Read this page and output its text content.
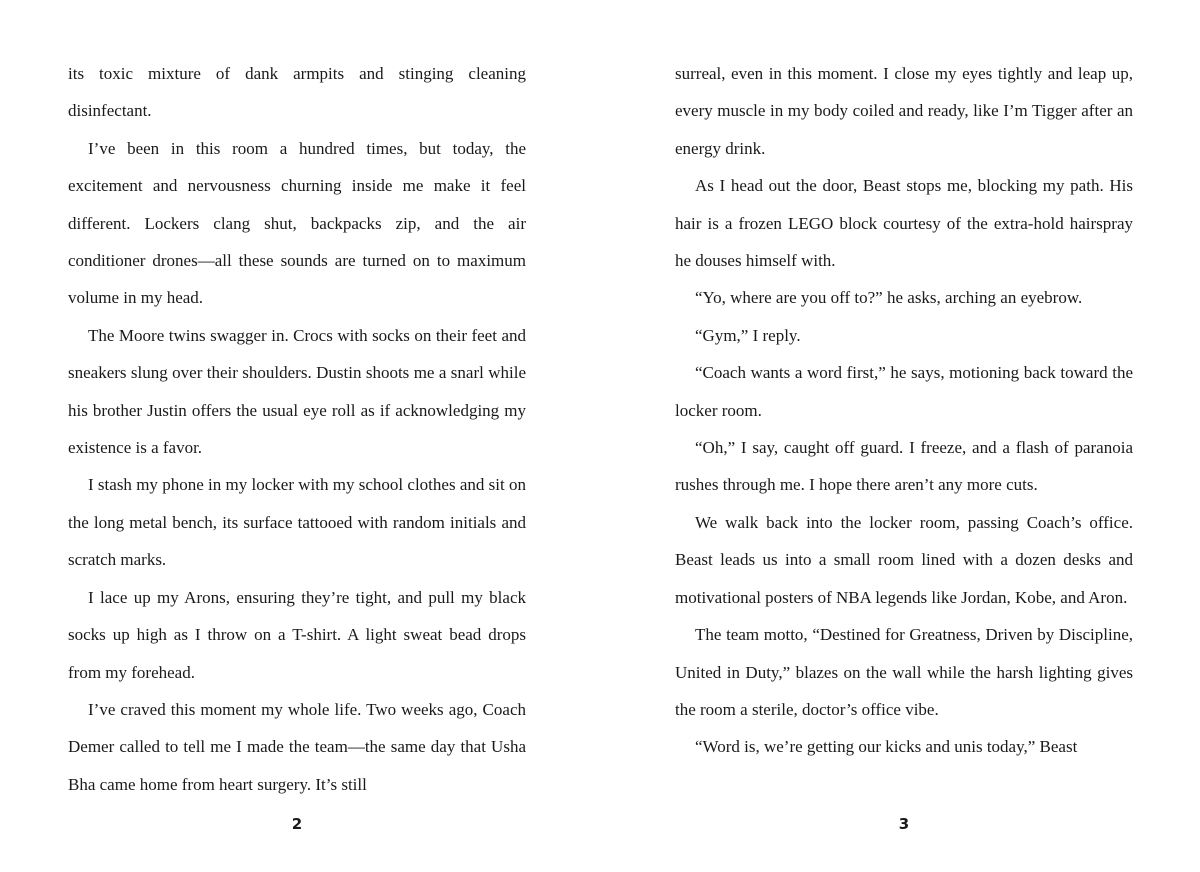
its toxic mixture of dank armpits and stinging cleaning disinfectant.

I’ve been in this room a hundred times, but today, the excitement and nervousness churning inside me make it feel different. Lockers clang shut, backpacks zip, and the air conditioner drones—all these sounds are turned on to maximum volume in my head.

The Moore twins swagger in. Crocs with socks on their feet and sneakers slung over their shoulders. Dustin shoots me a snarl while his brother Justin offers the usual eye roll as if acknowledging my existence is a favor.

I stash my phone in my locker with my school clothes and sit on the long metal bench, its surface tattooed with random initials and scratch marks.

I lace up my Arons, ensuring they’re tight, and pull my black socks up high as I throw on a T-shirt. A light sweat bead drops from my forehead.

I’ve craved this moment my whole life. Two weeks ago, Coach Demer called to tell me I made the team—the same day that Usha Bha came home from heart surgery. It’s still

2

surreal, even in this moment. I close my eyes tightly and leap up, every muscle in my body coiled and ready, like I’m Tigger after an energy drink.

As I head out the door, Beast stops me, blocking my path. His hair is a frozen LEGO block courtesy of the extra-hold hairspray he douses himself with.

“Yo, where are you off to?” he asks, arching an eyebrow.

“Gym,” I reply.

“Coach wants a word first,” he says, motioning back toward the locker room.

“Oh,” I say, caught off guard. I freeze, and a flash of paranoia rushes through me. I hope there aren’t any more cuts.

We walk back into the locker room, passing Coach’s office. Beast leads us into a small room lined with a dozen desks and motivational posters of NBA legends like Jordan, Kobe, and Aron.

The team motto, “Destined for Greatness, Driven by Discipline, United in Duty,” blazes on the wall while the harsh lighting gives the room a sterile, doctor’s office vibe.

“Word is, we’re getting our kicks and unis today,” Beast

3
